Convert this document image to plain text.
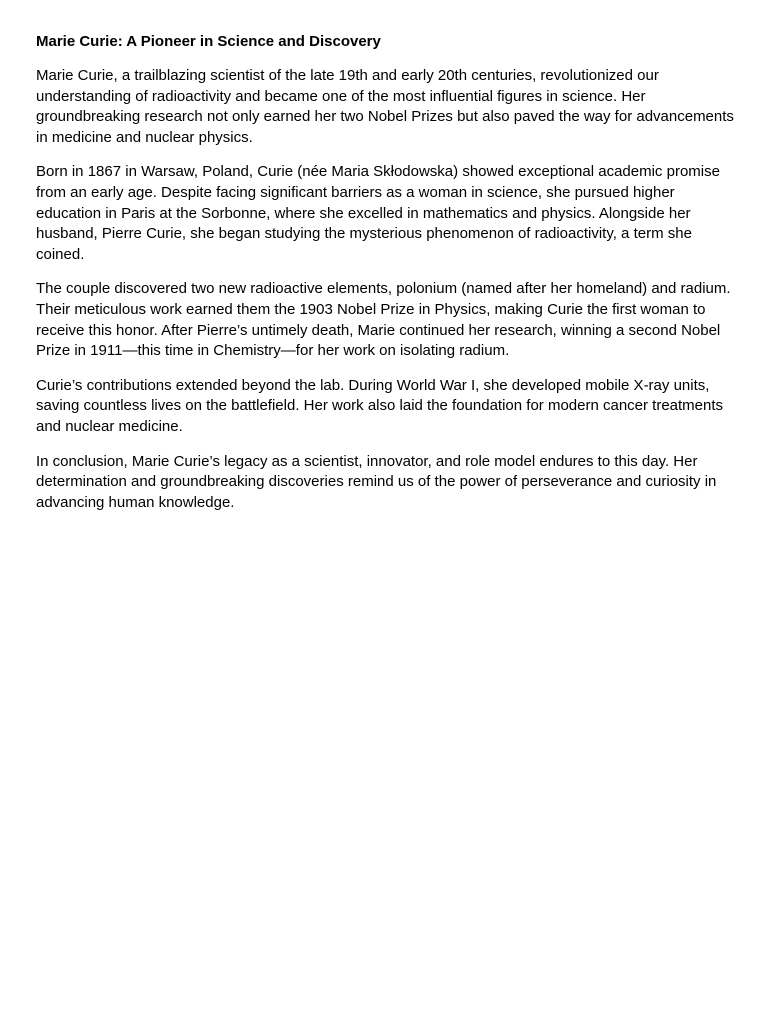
Marie Curie: A Pioneer in Science and Discovery

Marie Curie, a trailblazing scientist of the late 19th and early 20th centuries, revolutionized our understanding of radioactivity and became one of the most influential figures in science. Her groundbreaking research not only earned her two Nobel Prizes but also paved the way for advancements in medicine and nuclear physics.

Born in 1867 in Warsaw, Poland, Curie (née Maria Skłodowska) showed exceptional academic promise from an early age. Despite facing significant barriers as a woman in science, she pursued higher education in Paris at the Sorbonne, where she excelled in mathematics and physics. Alongside her husband, Pierre Curie, she began studying the mysterious phenomenon of radioactivity, a term she coined.

The couple discovered two new radioactive elements, polonium (named after her homeland) and radium. Their meticulous work earned them the 1903 Nobel Prize in Physics, making Curie the first woman to receive this honor. After Pierre’s untimely death, Marie continued her research, winning a second Nobel Prize in 1911—this time in Chemistry—for her work on isolating radium.

Curie’s contributions extended beyond the lab. During World War I, she developed mobile X-ray units, saving countless lives on the battlefield. Her work also laid the foundation for modern cancer treatments and nuclear medicine.

In conclusion, Marie Curie’s legacy as a scientist, innovator, and role model endures to this day. Her determination and groundbreaking discoveries remind us of the power of perseverance and curiosity in advancing human knowledge.
